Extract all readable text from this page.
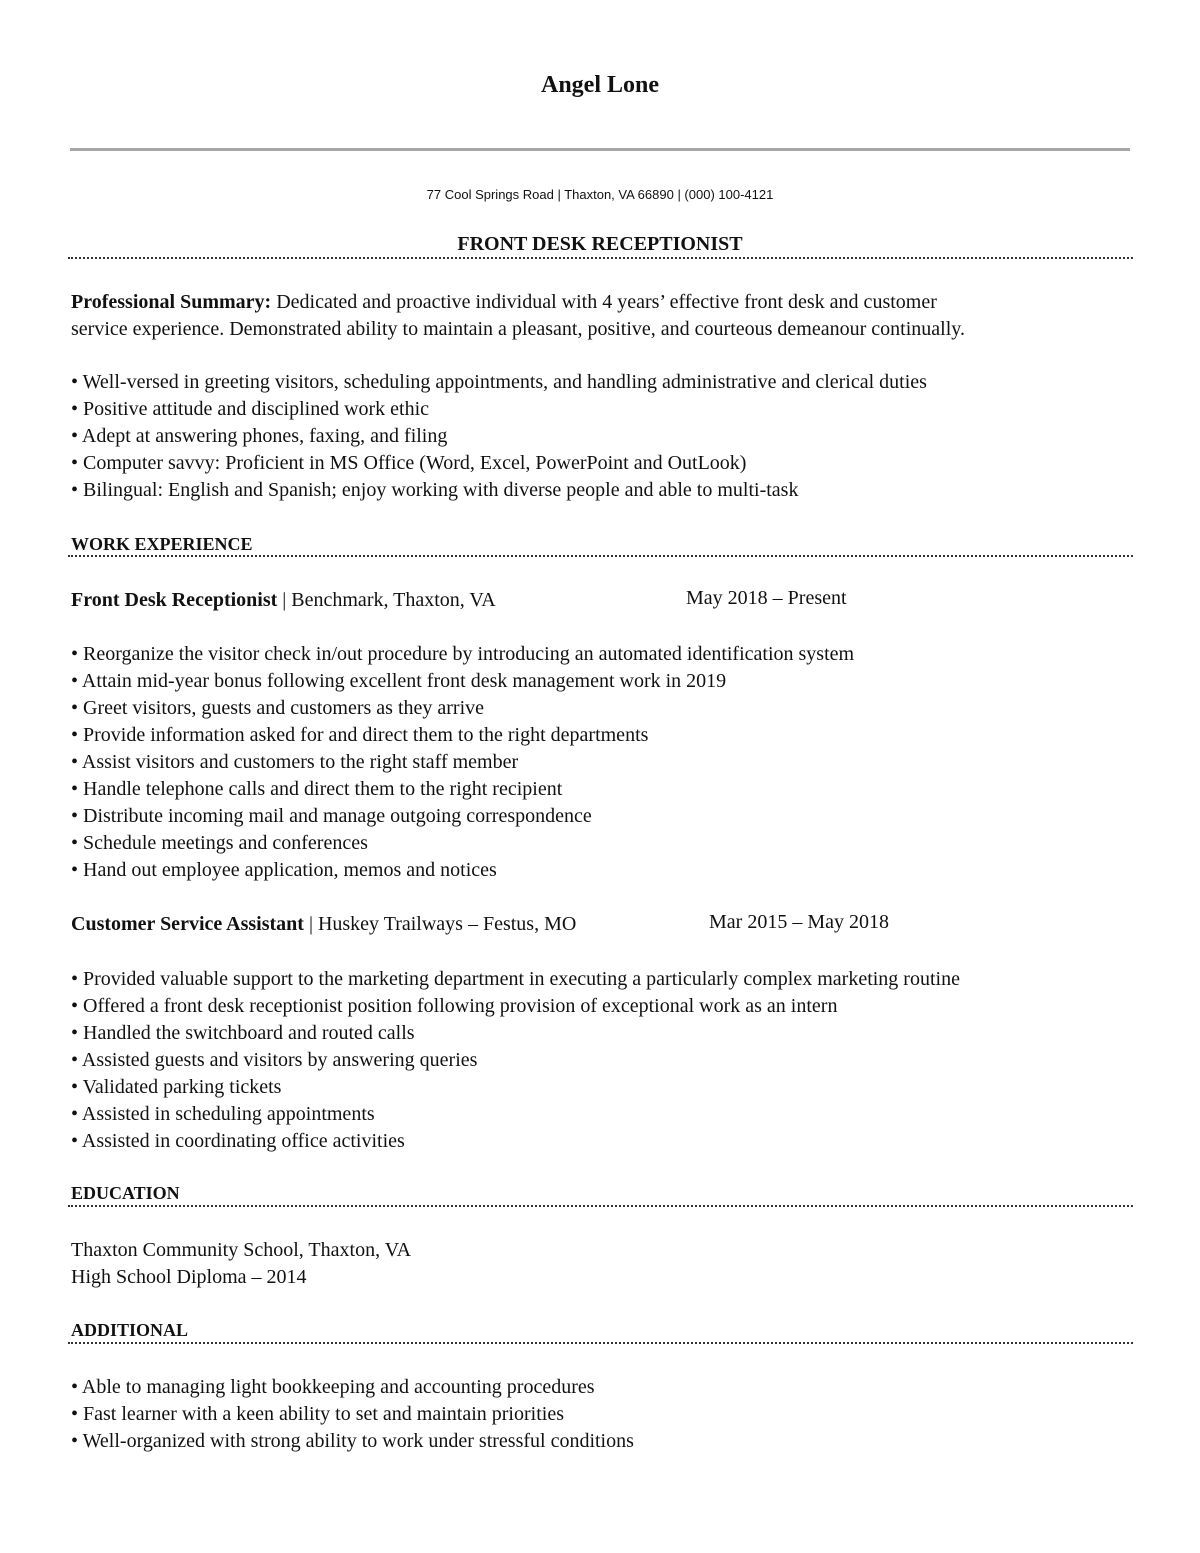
Angel Lone
77 Cool Springs Road | Thaxton, VA 66890 | (000) 100-4121
FRONT DESK RECEPTIONIST
Professional Summary: Dedicated and proactive individual with 4 years’ effective front desk and customer
service experience. Demonstrated ability to maintain a pleasant, positive, and courteous demeanour continually.
• Well-versed in greeting visitors, scheduling appointments, and handling administrative and clerical duties
• Positive attitude and disciplined work ethic
• Adept at answering phones, faxing, and filing
• Computer savvy: Proficient in MS Office (Word, Excel, PowerPoint and OutLook)
• Bilingual: English and Spanish; enjoy working with diverse people and able to multi-task
WORK EXPERIENCE
Front Desk Receptionist | Benchmark, Thaxton, VA	May 2018 – Present
• Reorganize the visitor check in/out procedure by introducing an automated identification system
• Attain mid-year bonus following excellent front desk management work in 2019
• Greet visitors, guests and customers as they arrive
• Provide information asked for and direct them to the right departments
• Assist visitors and customers to the right staff member
• Handle telephone calls and direct them to the right recipient
• Distribute incoming mail and manage outgoing correspondence
• Schedule meetings and conferences
• Hand out employee application, memos and notices
Customer Service Assistant | Huskey Trailways – Festus, MO	Mar 2015 – May 2018
• Provided valuable support to the marketing department in executing a particularly complex marketing routine
• Offered a front desk receptionist position following provision of exceptional work as an intern
• Handled the switchboard and routed calls
• Assisted guests and visitors by answering queries
• Validated parking tickets
• Assisted in scheduling appointments
• Assisted in coordinating office activities
EDUCATION
Thaxton Community School, Thaxton, VA
High School Diploma – 2014
ADDITIONAL
• Able to managing light bookkeeping and accounting procedures
• Fast learner with a keen ability to set and maintain priorities
• Well-organized with strong ability to work under stressful conditions
